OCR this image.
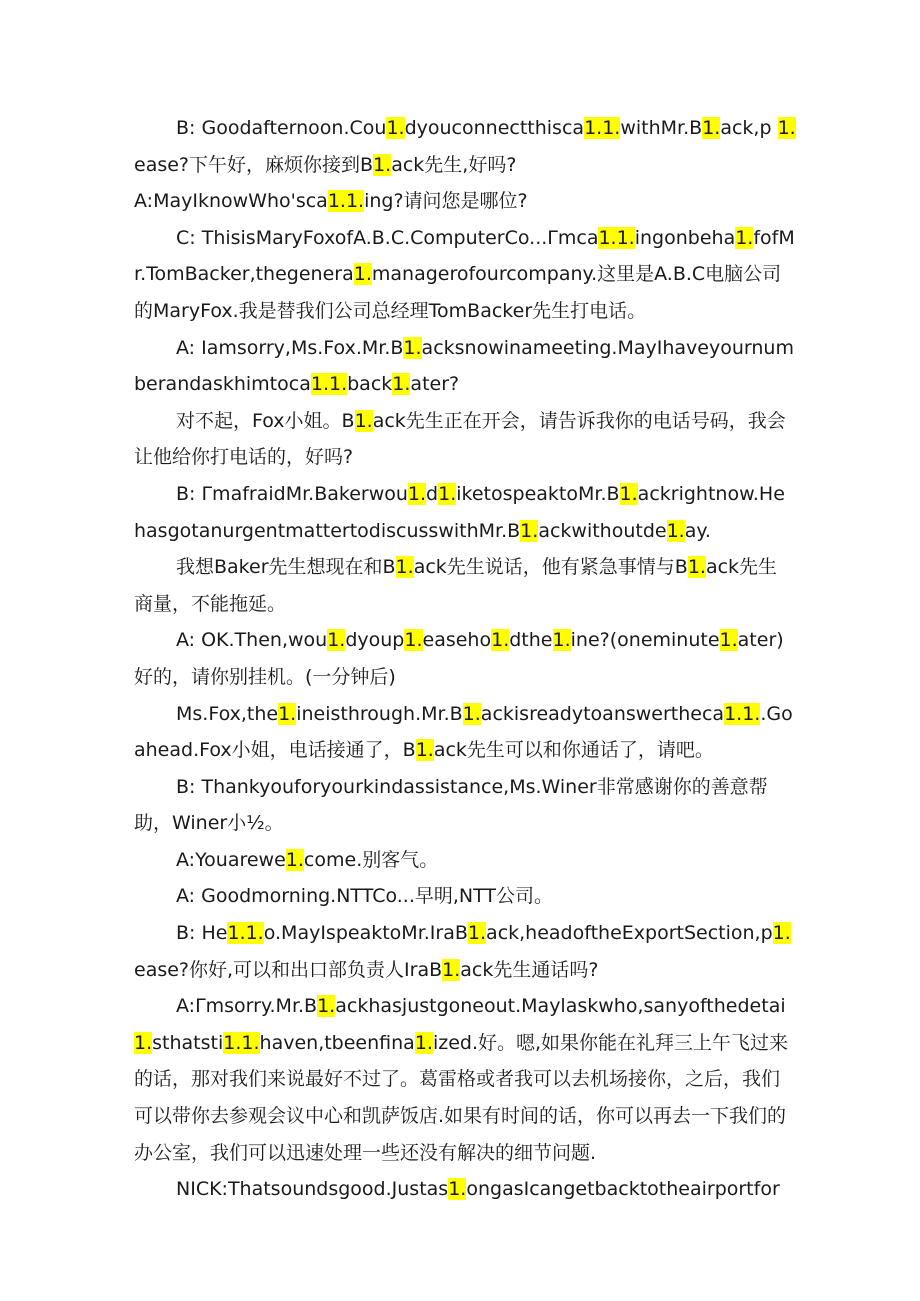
B: Goodafternoon.Cou1.dyouconnectthisca1.1.withMr.B1.ack,p 1.ease?下午好，麻烦你接到B1.ack先生,好吗?

A:MayIknowWho'sca1.1.ing?请问您是哪位?

C: ThisisMaryFoxofA.B.C.ComputerCo...Γmca1.1.ingonbeha1.fofMr.TomBacker,thegenera1.managerofourcompany.这里是A.B.C电脑公司的MaryFox.我是替我们公司总经理TomBacker先生打电话。

A: Iamsorry,Ms.Fox.Mr.B1.acksnowinameeting.MayIhaveyournumberandaskhimtoca1.1.back1.ater?

对不起，Fox小姐。B1.ack先生正在开会，请告诉我你的电话号码，我会让他给你打电话的，好吗?

B: ΓmafraidMr.Bakerwou1.d1.iketospeaktoMr.B1.ackrightnow.HehasgotanurgentmattertodiscusswithMr.B1.ackwithoutde1.ay.

我想Baker先生想现在和B1.ack先生说话，他有紧急事情与B1.ack先生商量，不能拖延。

A: OK.Then,wou1.dyoup1.easeho1.dthe1.ine?(oneminute1.ater) 好的，请你别挂机。(一分钟后)

Ms.Fox,the1.ineisthrough.Mr.B1.ackisreadytoanswertheca1.1..Goahead.Fox小姐，电话接通了，B1.ack先生可以和你通话了，请吧。

B: Thankyouforyourkindassistance,Ms.Winer非常感谢你的善意帮助，Winer小½。

A:Youarewe1.come.别客气。

A: Goodmorning.NTTCo...早明,NTT公司。

B: He1.1.o.MayIspeaktoMr.IraB1.ack,headoftheExportSection,p1.ease?你好,可以和出口部负责人IraB1.ack先生通话吗?

A:Γmsorry.Mr.B1.ackhasjustgoneout.Maylaskwho,sanyofthedetai1.sthatsti1.1.haven,tbeenfina1.ized.好。嗯,如果你能在礼拜三上午飞过来的话，那对我们来说最好不过了。葛雷格或者我可以去机场接你，之后，我们可以带你去参观会议中心和凯萨饭店.如果有时间的话，你可以再去一下我们的办公室，我们可以迅速处理一些还没有解决的细节问题.

NICK:Thatsoundsgood.Justas1.ongasIcangetbacktotheairportfor
